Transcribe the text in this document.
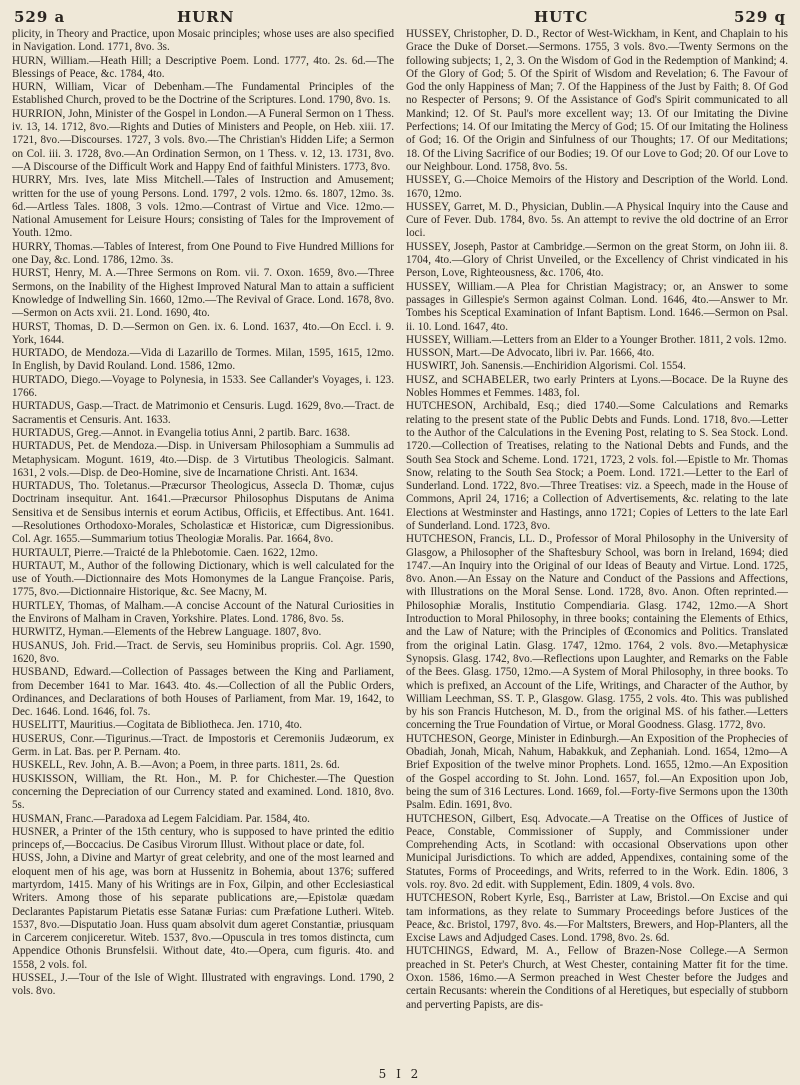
529 a	HURN	HUTC	529 q

plicity, in Theory and Practice, upon Mosaic principles; whose uses are also specified in Navigation. Lond. 1771, 8vo. 3s.

HURN, William.—Heath Hill; a Descriptive Poem. Lond. 1777, 4to. 2s. 6d.—The Blessings of Peace, &c. 1784, 4to.

HURN, William, Vicar of Debenham.—The Fundamental Principles of the Established Church, proved to be the Doctrine of the Scriptures. Lond. 1790, 8vo. 1s.

HURRION, John, Minister of the Gospel in London.—A Funeral Sermon on 1 Thess. iv. 13, 14. 1712, 8vo.—Rights and Duties of Ministers and People, on Heb. xiii. 17. 1721, 8vo.—Discourses. 1727, 3 vols. 8vo.—The Christian's Hidden Life; a Sermon on Col. iii. 3. 1728, 8vo.—An Ordination Sermon, on 1 Thess. v. 12, 13. 1731, 8vo.—A Discourse of the Difficult Work and Happy End of faithful Ministers. 1773, 8vo.

HURRY, Mrs. Ives, late Miss Mitchell.—Tales of Instruction and Amusement; written for the use of young Persons. Lond. 1797, 2 vols. 12mo. 6s. 1807, 12mo. 3s. 6d.—Artless Tales. 1808, 3 vols. 12mo.—Contrast of Virtue and Vice. 12mo.—National Amusement for Leisure Hours; consisting of Tales for the Improvement of Youth. 12mo.

HURRY, Thomas.—Tables of Interest, from One Pound to Five Hundred Millions for one Day, &c. Lond. 1786, 12mo. 3s.

HURST, Henry, M. A.—Three Sermons on Rom. vii. 7. Oxon. 1659, 8vo.—Three Sermons, on the Inability of the Highest Improved Natural Man to attain a sufficient Knowledge of Indwelling Sin. 1660, 12mo.—The Revival of Grace. Lond. 1678, 8vo.—Sermon on Acts xvii. 21. Lond. 1690, 4to.

HURST, Thomas, D. D.—Sermon on Gen. ix. 6. Lond. 1637, 4to.—On Eccl. i. 9. York, 1644.

HURTADO, de Mendoza.—Vida di Lazarillo de Tormes. Milan, 1595, 1615, 12mo. In English, by David Rouland. Lond. 1586, 12mo.

HURTADO, Diego.—Voyage to Polynesia, in 1533. See Callander's Voyages, i. 123. 1766.

HURTADUS, Gasp.—Tract. de Matrimonio et Censuris. Lugd. 1629, 8vo.—Tract. de Sacramentis et Censuris. Ant. 1633.

HURTADUS, Greg.—Annot. in Evangelia totius Anni, 2 partib. Barc. 1638.

HURTADUS, Pet. de Mendoza.—Disp. in Universam Philosophiam a Summulis ad Metaphysicam. Mogunt. 1619, 4to.—Disp. de 3 Virtutibus Theologicis. Salmant. 1631, 2 vols.—Disp. de Deo-Homine, sive de Incarnatione Christi. Ant. 1634.

HURTADUS, Tho. Toletanus.—Præcursor Theologicus, Assecla D. Thomæ, cujus Doctrinam insequitur. Ant. 1641.—Præcursor Philosophus Disputans de Anima Sensitiva et de Sensibus internis et eorum Actibus, Officiis, et Effectibus. Ant. 1641.—Resolutiones Orthodoxo-Morales, Scholasticæ et Historicæ, cum Digressionibus. Col. Agr. 1655.—Summarium totius Theologiæ Moralis. Par. 1664, 8vo.

HURTAULT, Pierre.—Traicté de la Phlebotomie. Caen. 1622, 12mo.

HURTAUT, M., Author of the following Dictionary, which is well calculated for the use of Youth.—Dictionnaire des Mots Homonymes de la Langue Françoise. Paris, 1775, 8vo.—Dictionnaire Historique, &c. See Macny, M.

HURTLEY, Thomas, of Malham.—A concise Account of the Natural Curiosities in the Environs of Malham in Craven, Yorkshire. Plates. Lond. 1786, 8vo. 5s.

HURWITZ, Hyman.—Elements of the Hebrew Language. 1807, 8vo.

HUSANUS, Joh. Frid.—Tract. de Servis, seu Hominibus propriis. Col. Agr. 1590, 1620, 8vo.

HUSBAND, Edward.—Collection of Passages between the King and Parliament, from December 1641 to Mar. 1643. 4to. 4s.—Collection of all the Public Orders, Ordinances, and Declarations of both Houses of Parliament, from Mar. 19, 1642, to Dec. 1646. Lond. 1646, fol. 7s.

HUSELITT, Mauritius.—Cogitata de Bibliotheca. Jen. 1710, 4to.

HUSERUS, Conr.—Tigurinus.—Tract. de Impostoris et Ceremoniis Judæorum, ex Germ. in Lat. Bas. per P. Pernam. 4to.

HUSKELL, Rev. John, A. B.—Avon; a Poem, in three parts. 1811, 2s. 6d.

HUSKISSON, William, the Rt. Hon., M. P. for Chichester.—The Question concerning the Depreciation of our Currency stated and examined. Lond. 1810, 8vo. 5s.

HUSMAN, Franc.—Paradoxa ad Legem Falcidiam. Par. 1584, 4to.

HUSNER, a Printer of the 15th century, who is supposed to have printed the editio princeps of,—Boccacius. De Casibus Virorum Illust. Without place or date, fol.

HUSS, John, a Divine and Martyr of great celebrity, and one of the most learned and eloquent men of his age, was born at Hussenitz in Bohemia, about 1376; suffered martyrdom, 1415. Many of his Writings are in Fox, Gilpin, and other Ecclesiastical Writers. Among those of his separate publications are,—Epistolæ quædam Declarantes Papistarum Pietatis esse Satanæ Furias: cum Præfatione Lutheri. Witeb. 1537, 8vo.—Disputatio Joan. Huss quam absolvit dum ageret Constantiæ, priusquam in Carcerem conjiceretur. Witeb. 1537, 8vo.—Opuscula in tres tomos distincta, cum Appendice Othonis Brunsfelsii. Without date, 4to.—Opera, cum figuris. 4to. and 1558, 2 vols. fol.

HUSSEL, J.—Tour of the Isle of Wight. Illustrated with engravings. Lond. 1790, 2 vols. 8vo.

HUSSEY, Christopher, D. D., Rector of West-Wickham, in Kent, and Chaplain to his Grace the Duke of Dorset.—Sermons. 1755, 3 vols. 8vo.—Twenty Sermons on the following subjects; 1, 2, 3. On the Wisdom of God in the Redemption of Mankind; 4. Of the Glory of God; 5. Of the Spirit of Wisdom and Revelation; 6. The Favour of God the only Happiness of Man; 7. Of the Happiness of the Just by Faith; 8. Of God no Respecter of Persons; 9. Of the Assistance of God's Spirit communicated to all Mankind; 12. Of St. Paul's more excellent way; 13. Of our Imitating the Divine Perfections; 14. Of our Imitating the Mercy of God; 15. Of our Imitating the Holiness of God; 16. Of the Origin and Sinfulness of our Thoughts; 17. Of our Meditations; 18. Of the Living Sacrifice of our Bodies; 19. Of our Love to God; 20. Of our Love to our Neighbour. Lond. 1758, 8vo. 5s.

HUSSEY, G.—Choice Memoirs of the History and Description of the World. Lond. 1670, 12mo.

HUSSEY, Garret, M. D., Physician, Dublin.—A Physical Inquiry into the Cause and Cure of Fever. Dub. 1784, 8vo. 5s. An attempt to revive the old doctrine of an Error loci.

HUSSEY, Joseph, Pastor at Cambridge.—Sermon on the great Storm, on John iii. 8. 1704, 4to.—Glory of Christ Unveiled, or the Excellency of Christ vindicated in his Person, Love, Righteousness, &c. 1706, 4to.

HUSSEY, William.—A Plea for Christian Magistracy; or, an Answer to some passages in Gillespie's Sermon against Colman. Lond. 1646, 4to.—Answer to Mr. Tombes his Sceptical Examination of Infant Baptism. Lond. 1646.—Sermon on Psal. ii. 10. Lond. 1647, 4to.

HUSSEY, William.—Letters from an Elder to a Younger Brother. 1811, 2 vols. 12mo.

HUSSON, Mart.—De Advocato, libri iv. Par. 1666, 4to.

HUSWIRT, Joh. Sanensis.—Enchiridion Algorismi. Col. 1554.

HUSZ, and SCHABELER, two early Printers at Lyons.—Bocace. De la Ruyne des Nobles Hommes et Femmes. 1483, fol.

HUTCHESON, Archibald, Esq.; died 1740.—Some Calculations and Remarks relating to the present state of the Public Debts and Funds. Lond. 1718, 8vo.—Letter to the Author of the Calculations in the Evening Post, relating to S. Sea Stock. Lond. 1720.—Collection of Treatises, relating to the National Debts and Funds, and the South Sea Stock and Scheme. Lond. 1721, 1723, 2 vols. fol.—Epistle to Mr. Thomas Snow, relating to the South Sea Stock; a Poem. Lond. 1721.—Letter to the Earl of Sunderland. Lond. 1722, 8vo.—Three Treatises: viz. a Speech, made in the House of Commons, April 24, 1716; a Collection of Advertisements, &c. relating to the late Elections at Westminster and Hastings, anno 1721; Copies of Letters to the late Earl of Sunderland. Lond. 1723, 8vo.

HUTCHESON, Francis, LL. D., Professor of Moral Philosophy in the University of Glasgow, a Philosopher of the Shaftesbury School, was born in Ireland, 1694; died 1747.—An Inquiry into the Original of our Ideas of Beauty and Virtue. Lond. 1725, 8vo. Anon.—An Essay on the Nature and Conduct of the Passions and Affections, with Illustrations on the Moral Sense. Lond. 1728, 8vo. Anon. Often reprinted.—Philosophiæ Moralis, Institutio Compendiaria. Glasg. 1742, 12mo.—A Short Introduction to Moral Philosophy, in three books; containing the Elements of Ethics, and the Law of Nature; with the Principles of Œconomics and Politics. Translated from the original Latin. Glasg. 1747, 12mo. 1764, 2 vols. 8vo.—Metaphysicæ Synopsis. Glasg. 1742, 8vo.—Reflections upon Laughter, and Remarks on the Fable of the Bees. Glasg. 1750, 12mo.—A System of Moral Philosophy, in three books. To which is prefixed, an Account of the Life, Writings, and Character of the Author, by William Leechman, SS. T. P., Glasgow. Glasg. 1755, 2 vols. 4to. This was published by his son Francis Hutcheson, M. D., from the original MS. of his father.—Letters concerning the True Foundation of Virtue, or Moral Goodness. Glasg. 1772, 8vo.

HUTCHESON, George, Minister in Edinburgh.—An Exposition of the Prophecies of Obadiah, Jonah, Micah, Nahum, Habakkuk, and Zephaniah. Lond. 1654, 12mo—A Brief Exposition of the twelve minor Prophets. Lond. 1655, 12mo.—An Exposition of the Gospel according to St. John. Lond. 1657, fol.—An Exposition upon Job, being the sum of 316 Lectures. Lond. 1669, fol.—Forty-five Sermons upon the 130th Psalm. Edin. 1691, 8vo.

HUTCHESON, Gilbert, Esq. Advocate.—A Treatise on the Offices of Justice of Peace, Constable, Commissioner of Supply, and Commissioner under Comprehending Acts, in Scotland: with occasional Observations upon other Municipal Jurisdictions. To which are added, Appendixes, containing some of the Statutes, Forms of Proceedings, and Writs, referred to in the Work. Edin. 1806, 3 vols. roy. 8vo. 2d edit. with Supplement, Edin. 1809, 4 vols. 8vo.

HUTCHESON, Robert Kyrle, Esq., Barrister at Law, Bristol.—On Excise and qui tam informations, as they relate to Summary Proceedings before Justices of the Peace, &c. Bristol, 1797, 8vo. 4s.—For Maltsters, Brewers, and Hop-Planters, all the Excise Laws and Adjudged Cases. Lond. 1798, 8vo. 2s. 6d.

HUTCHINGS, Edward, M. A., Fellow of Brazen-Nose College.—A Sermon preached in St. Peter's Church, at West Chester, containing Matter fit for the time. Oxon. 1586, 16mo.—A Sermon preached in West Chester before the Judges and certain Recusants: wherein the Conditions of al Heretiques, but especially of stubborn and perverting Papists, are dis-

5 I 2
